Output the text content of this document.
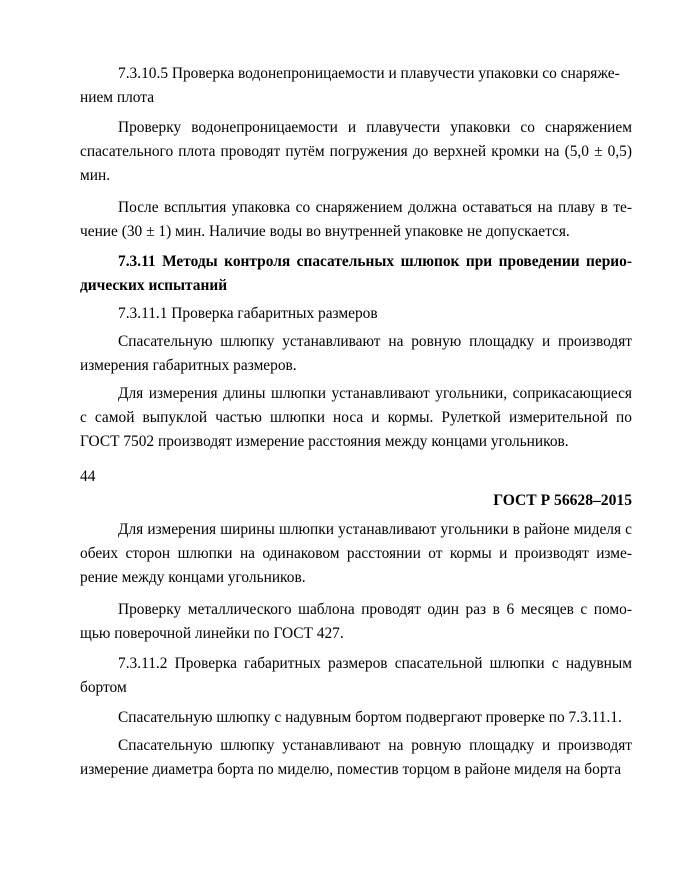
7.3.10.5 Проверка водонепроницаемости и плавучести упаковки со снаряже-нием плота

Проверку водонепроницаемости и плавучести упаковки со снаряжением спасательного плота проводят путём погружения до верхней кромки на (5,0 ± 0,5) мин.

После всплытия упаковка со снаряжением должна оставаться на плаву в те-чение (30 ± 1) мин. Наличие воды во внутренней упаковке не допускается.

7.3.11 Методы контроля спасательных шлюпок при проведении перио-дических испытаний

7.3.11.1 Проверка габаритных размеров

Спасательную шлюпку устанавливают на ровную площадку и производят измерения габаритных размеров.

Для измерения длины шлюпки устанавливают угольники, соприкасающиеся с самой выпуклой частью шлюпки носа и кормы. Рулеткой измерительной по ГОСТ 7502 производят измерение расстояния между концами угольников.

44
ГОСТ Р 56628–2015

Для измерения ширины шлюпки устанавливают угольники в районе миделя с обеих сторон шлюпки на одинаковом расстоянии от кормы и производят изме-рение между концами угольников.

Проверку металлического шаблона проводят один раз в 6 месяцев с помо-щью поверочной линейки по ГОСТ 427.

7.3.11.2 Проверка габаритных размеров спасательной шлюпки с надувным бортом

Спасательную шлюпку с надувным бортом подвергают проверке по 7.3.11.1.

Спасательную шлюпку устанавливают на ровную площадку и производят измерение диаметра борта по миделю, поместив торцом в районе миделя на борта
